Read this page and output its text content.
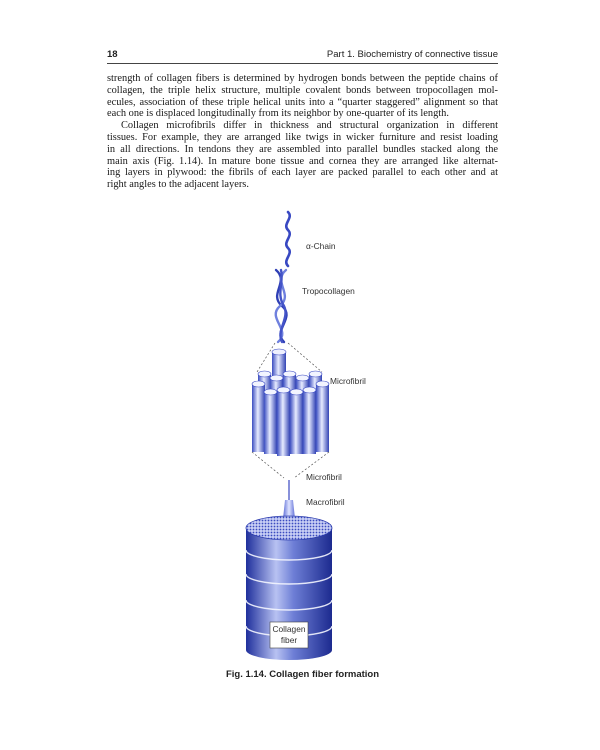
18	Part 1. Biochemistry of connective tissue
strength of collagen fibers is determined by hydrogen bonds between the peptide chains of
collagen, the triple helix structure, multiple covalent bonds between tropocollagen mol-
ecules, association of these triple helical units into a “quarter staggered” alignment so that
each one is displaced longitudinally from its neighbor by one-quarter of its length.
Collagen microfibrils differ in thickness and structural organization in different
tissues. For example, they are arranged like twigs in wicker furniture and resist loading
in all directions. In tendons they are assembled into parallel bundles stacked along the
main axis (Fig. 1.14). In mature bone tissue and cornea they are arranged like alternat-
ing layers in plywood: the fibrils of each layer are packed parallel to each other and at
right angles to the adjacent layers.
α-Chain
Tropocollagen
Microfibril
Microfibril
Macrofibril
Collagen
fiber
Fig. 1.14. Collagen fiber formation
